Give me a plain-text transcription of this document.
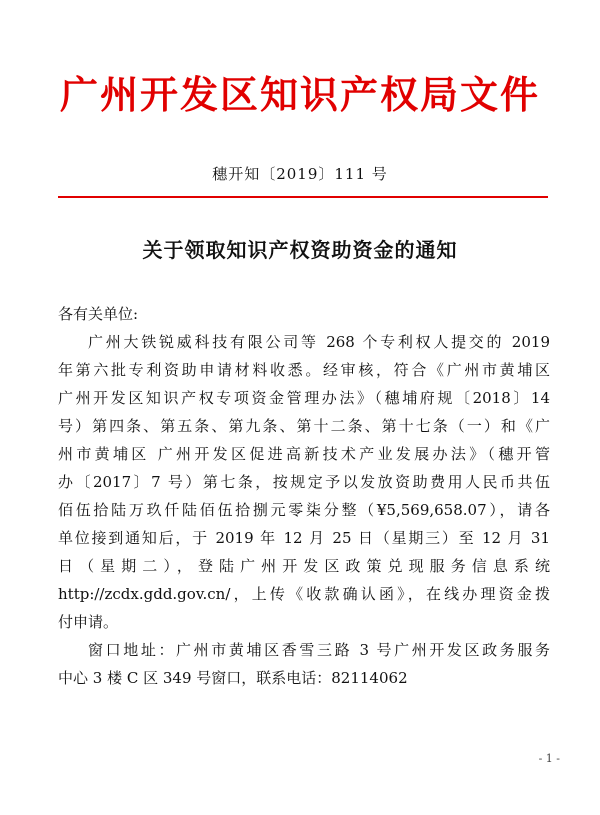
广州开发区知识产权局文件
穗开知〔2019〕111 号
关于领取知识产权资助资金的通知

各有关单位:

广州大铁锐威科技有限公司等 268 个专利权人提交的 2019

年第六批专利资助申请材料收悉。经审核，符合《广州市黄埔区

广州开发区知识产权专项资金管理办法》（穗埔府规〔2018〕14

号）第四条、第五条、第九条、第十二条、第十七条（一）和《广

州市黄埔区 广州开发区促进高新技术产业发展办法》（穗开管

办〔2017〕7 号）第七条，按规定予以发放资助费用人民币共伍

佰伍拾陆万玖仟陆佰伍拾捌元零柒分整（¥5,569,658.07），请各

单位接到通知后，于 2019 年 12 月 25 日（星期三）至 12 月 31

日（星期二），登陆广州开发区政策兑现服务信息系统

http://zcdx.gdd.gov.cn/，上传《收款确认函》，在线办理资金拨

付申请。

窗口地址：广州市黄埔区香雪三路 3 号广州开发区政务服务

中心 3 楼 C 区 349 号窗口，联系电话：82114062

- 1 -
